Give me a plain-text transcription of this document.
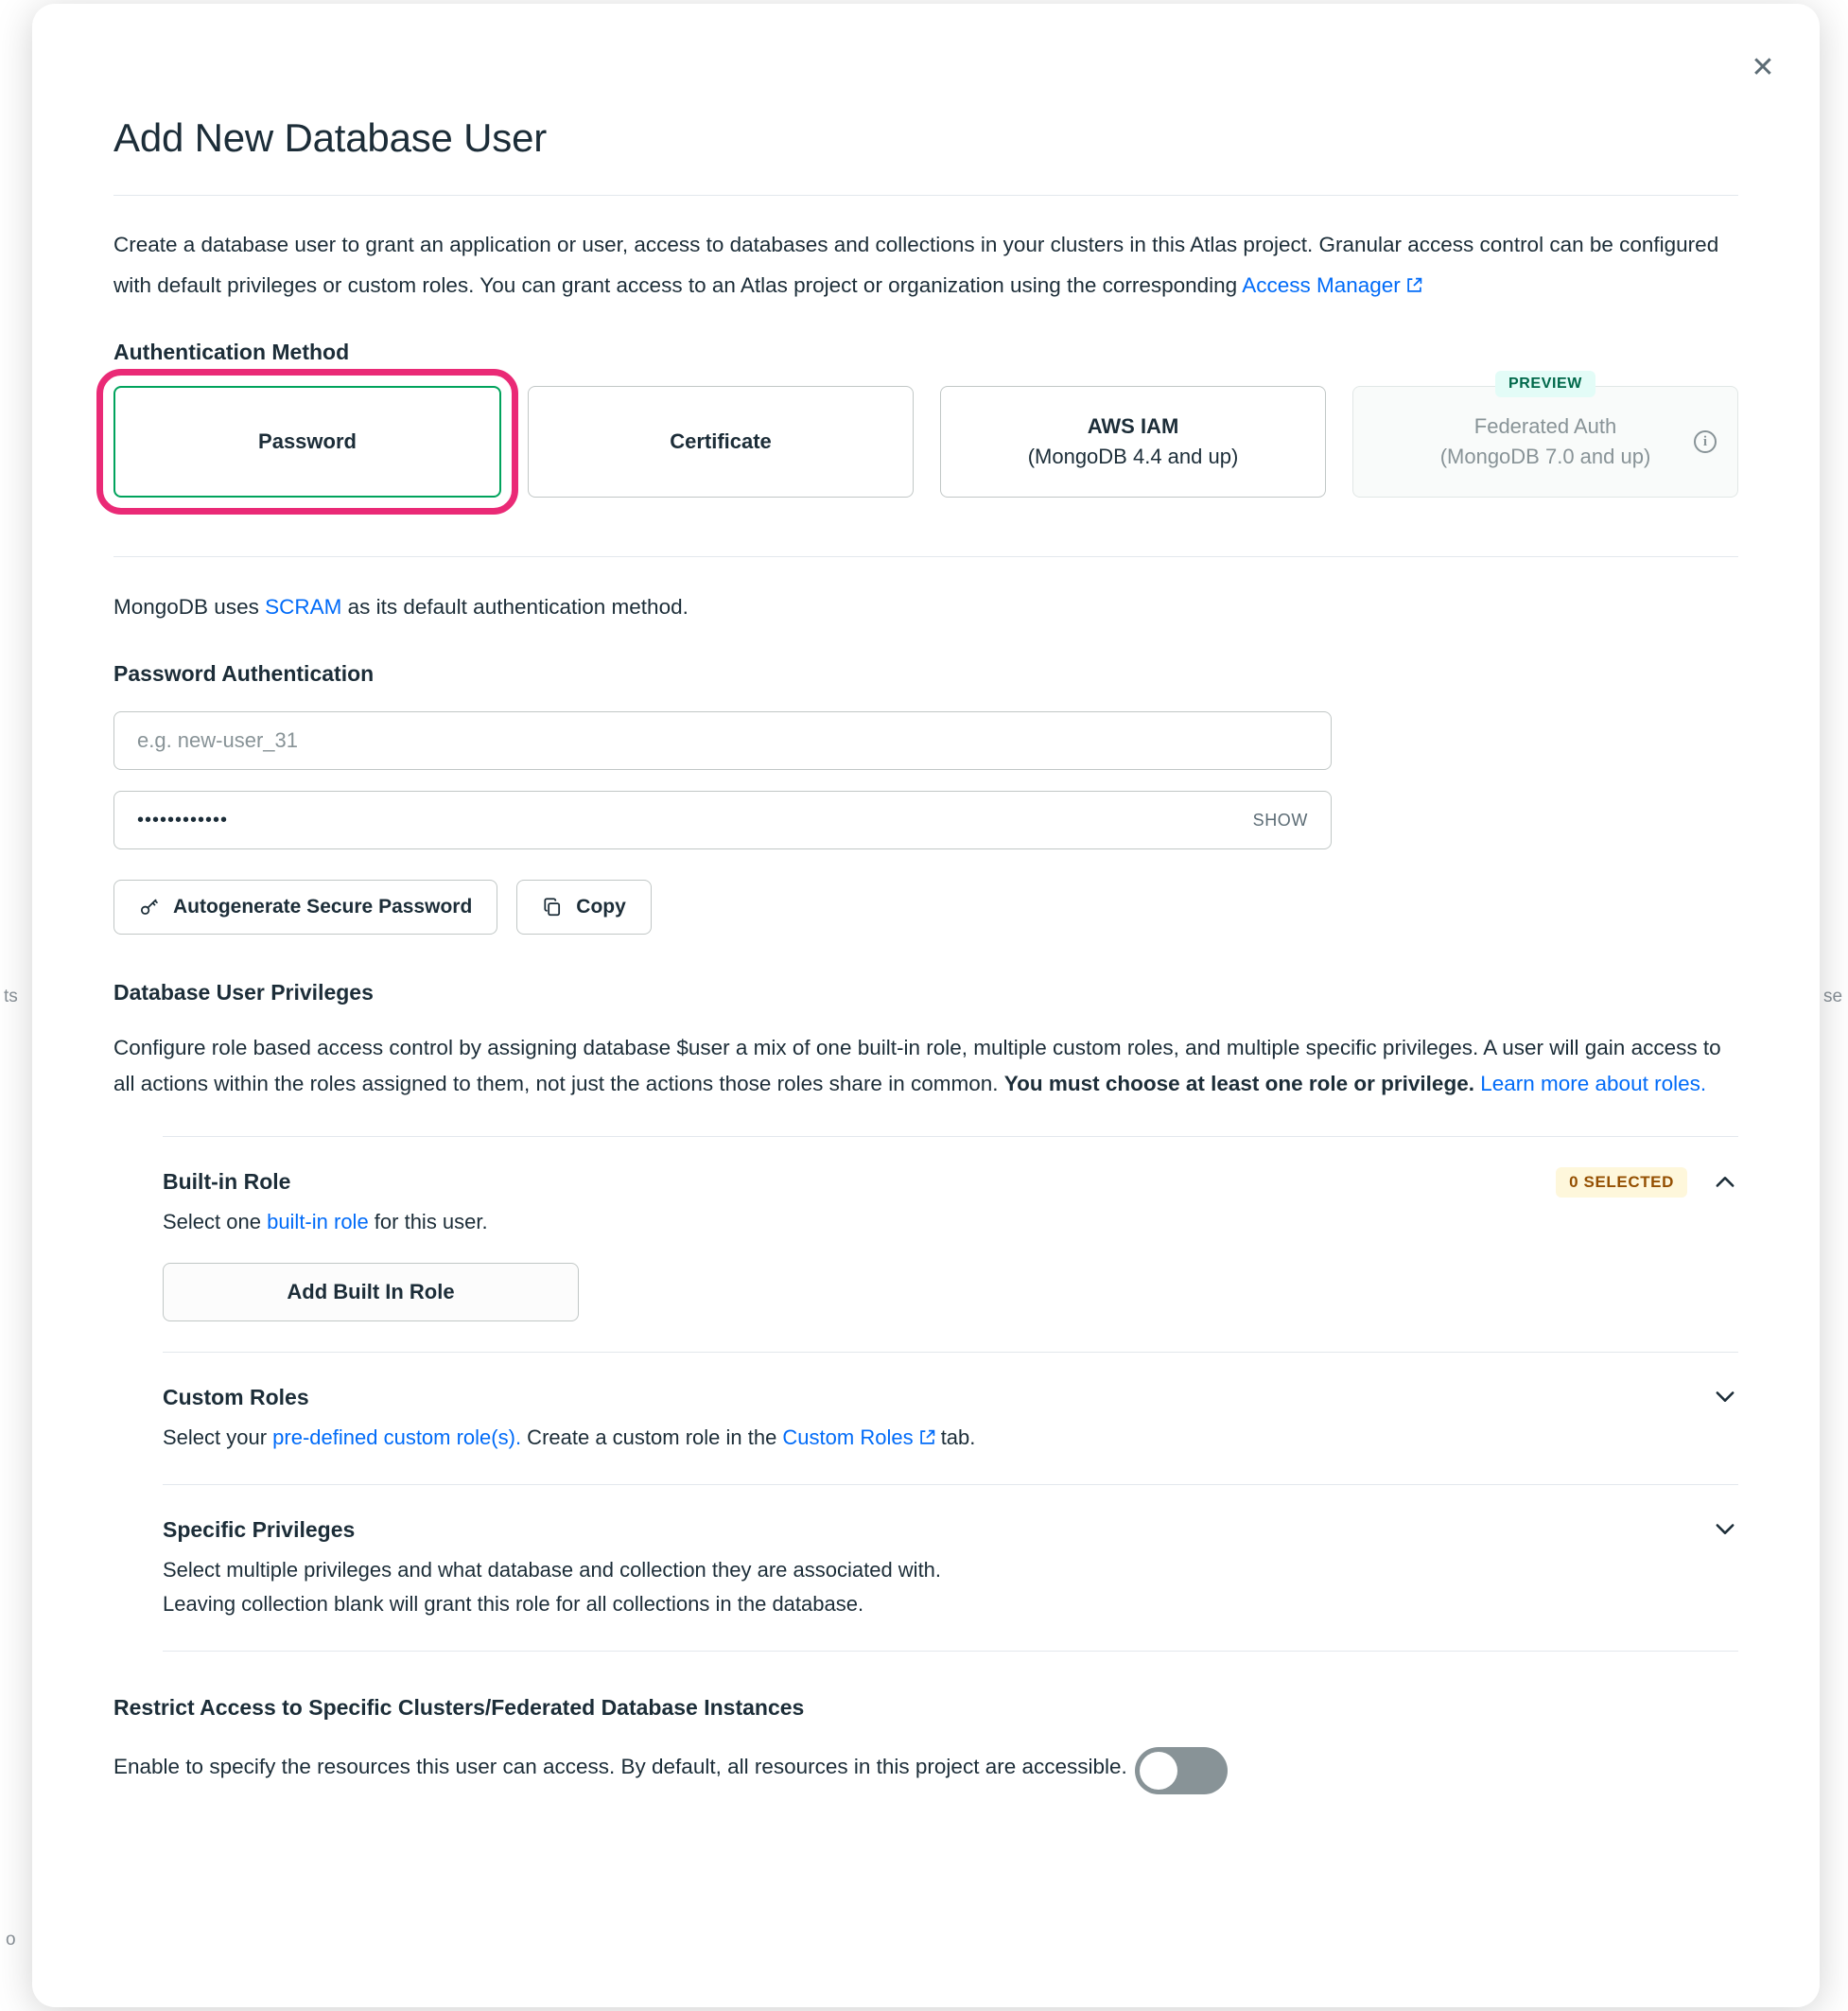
ts	se
o
✕
Add New Database User

Create a database user to grant an application or user, access to databases and collections in your clusters in this Atlas project. Granular access control can be configured with default privileges or custom roles. You can grant access to an Atlas project or organization using the corresponding Access Manager

Authentication Method
Password	Certificate
AWS IAM
(MongoDB 4.4 and up)
PREVIEW
Federated Auth
(MongoDB 7.0 and up)
i

MongoDB uses SCRAM as its default authentication method.

Password Authentication
e.g. new-user_31
••••••••••••	SHOW
Autogenerate Secure Password	Copy
Database User Privileges

Configure role based access control by assigning database $user a mix of one built-in role, multiple custom roles, and multiple specific privileges. A user will gain access to all actions within the roles assigned to them, not just the actions those roles share in common. You must choose at least one role or privilege. Learn more about roles.

Built-in Role
Select one built-in role for this user.
0 SELECTED
Add Built In Role
Custom Roles
Select your pre-defined custom role(s). Create a custom role in the Custom Roles
tab.
Specific Privileges
Select multiple privileges and what database and collection they are associated with.
Leaving collection blank will grant this role for all collections in the database.
Restrict Access to Specific Clusters/Federated Database Instances
Enable to specify the resources this user can access. By default, all resources in this project are accessible.
